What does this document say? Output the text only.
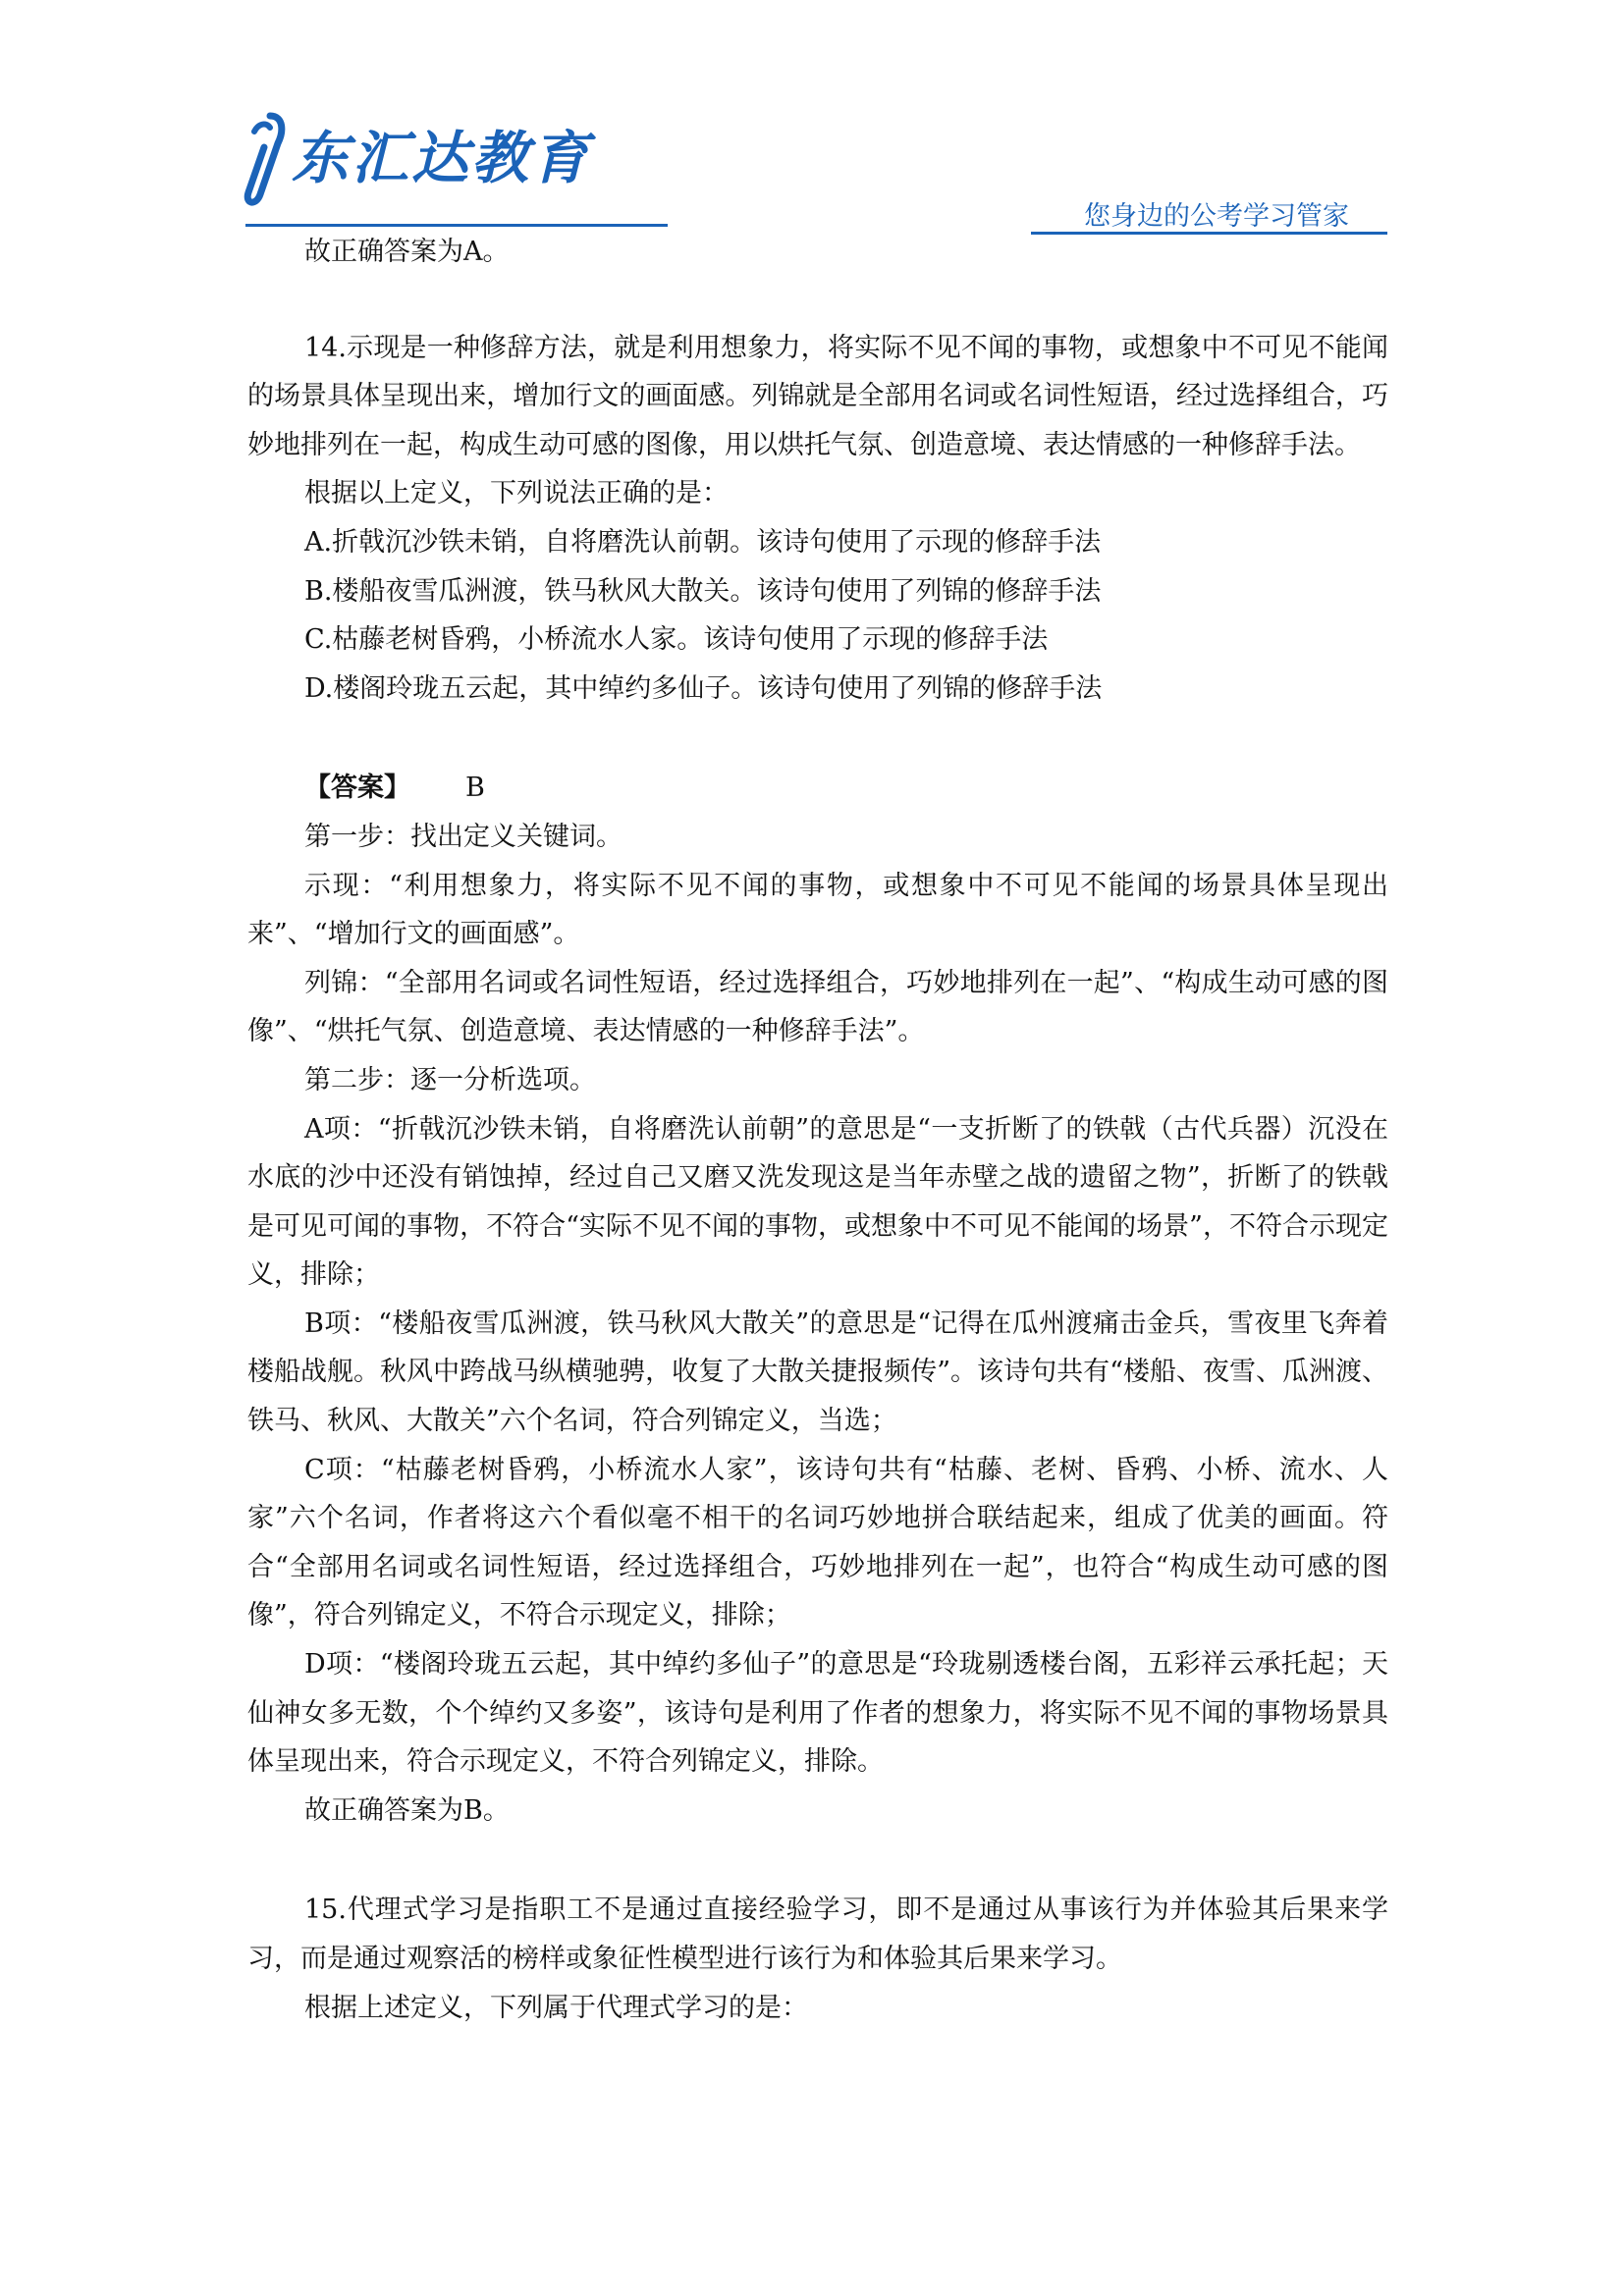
东汇达教育
您身边的公考学习管家

故正确答案为A。

14.示现是一种修辞方法，就是利用想象力，将实际不见不闻的事物，或想象中不可见不能闻的场景具体呈现出来，增加行文的画面感。列锦就是全部用名词或名词性短语，经过选择组合，巧妙地排列在一起，构成生动可感的图像，用以烘托气氛、创造意境、表达情感的一种修辞手法。

根据以上定义，下列说法正确的是：

A.折戟沉沙铁未销，自将磨洗认前朝。该诗句使用了示现的修辞手法

B.楼船夜雪瓜洲渡，铁马秋风大散关。该诗句使用了列锦的修辞手法

C.枯藤老树昏鸦，小桥流水人家。该诗句使用了示现的修辞手法

D.楼阁玲珑五云起，其中绰约多仙子。该诗句使用了列锦的修辞手法

【答案】 B

第一步：找出定义关键词。

示现：“利用想象力，将实际不见不闻的事物，或想象中不可见不能闻的场景具体呈现出来”、“增加行文的画面感”。

列锦：“全部用名词或名词性短语，经过选择组合，巧妙地排列在一起”、“构成生动可感的图像”、“烘托气氛、创造意境、表达情感的一种修辞手法”。

第二步：逐一分析选项。

A项：“折戟沉沙铁未销，自将磨洗认前朝”的意思是“一支折断了的铁戟（古代兵器）沉没在水底的沙中还没有销蚀掉，经过自己又磨又洗发现这是当年赤壁之战的遗留之物”，折断了的铁戟是可见可闻的事物，不符合“实际不见不闻的事物，或想象中不可见不能闻的场景”，不符合示现定义，排除；

B项：“楼船夜雪瓜洲渡，铁马秋风大散关”的意思是“记得在瓜州渡痛击金兵，雪夜里飞奔着楼船战舰。秋风中跨战马纵横驰骋，收复了大散关捷报频传”。该诗句共有“楼船、夜雪、瓜洲渡、铁马、秋风、大散关”六个名词，符合列锦定义，当选；

C项：“枯藤老树昏鸦，小桥流水人家”，该诗句共有“枯藤、老树、昏鸦、小桥、流水、人家”六个名词，作者将这六个看似毫不相干的名词巧妙地拼合联结起来，组成了优美的画面。符合“全部用名词或名词性短语，经过选择组合，巧妙地排列在一起”，也符合“构成生动可感的图像”，符合列锦定义，不符合示现定义，排除；

D项：“楼阁玲珑五云起，其中绰约多仙子”的意思是“玲珑剔透楼台阁，五彩祥云承托起；天仙神女多无数，个个绰约又多姿”，该诗句是利用了作者的想象力，将实际不见不闻的事物场景具体呈现出来，符合示现定义，不符合列锦定义，排除。

故正确答案为B。

15.代理式学习是指职工不是通过直接经验学习，即不是通过从事该行为并体验其后果来学习，而是通过观察活的榜样或象征性模型进行该行为和体验其后果来学习。

根据上述定义，下列属于代理式学习的是：
